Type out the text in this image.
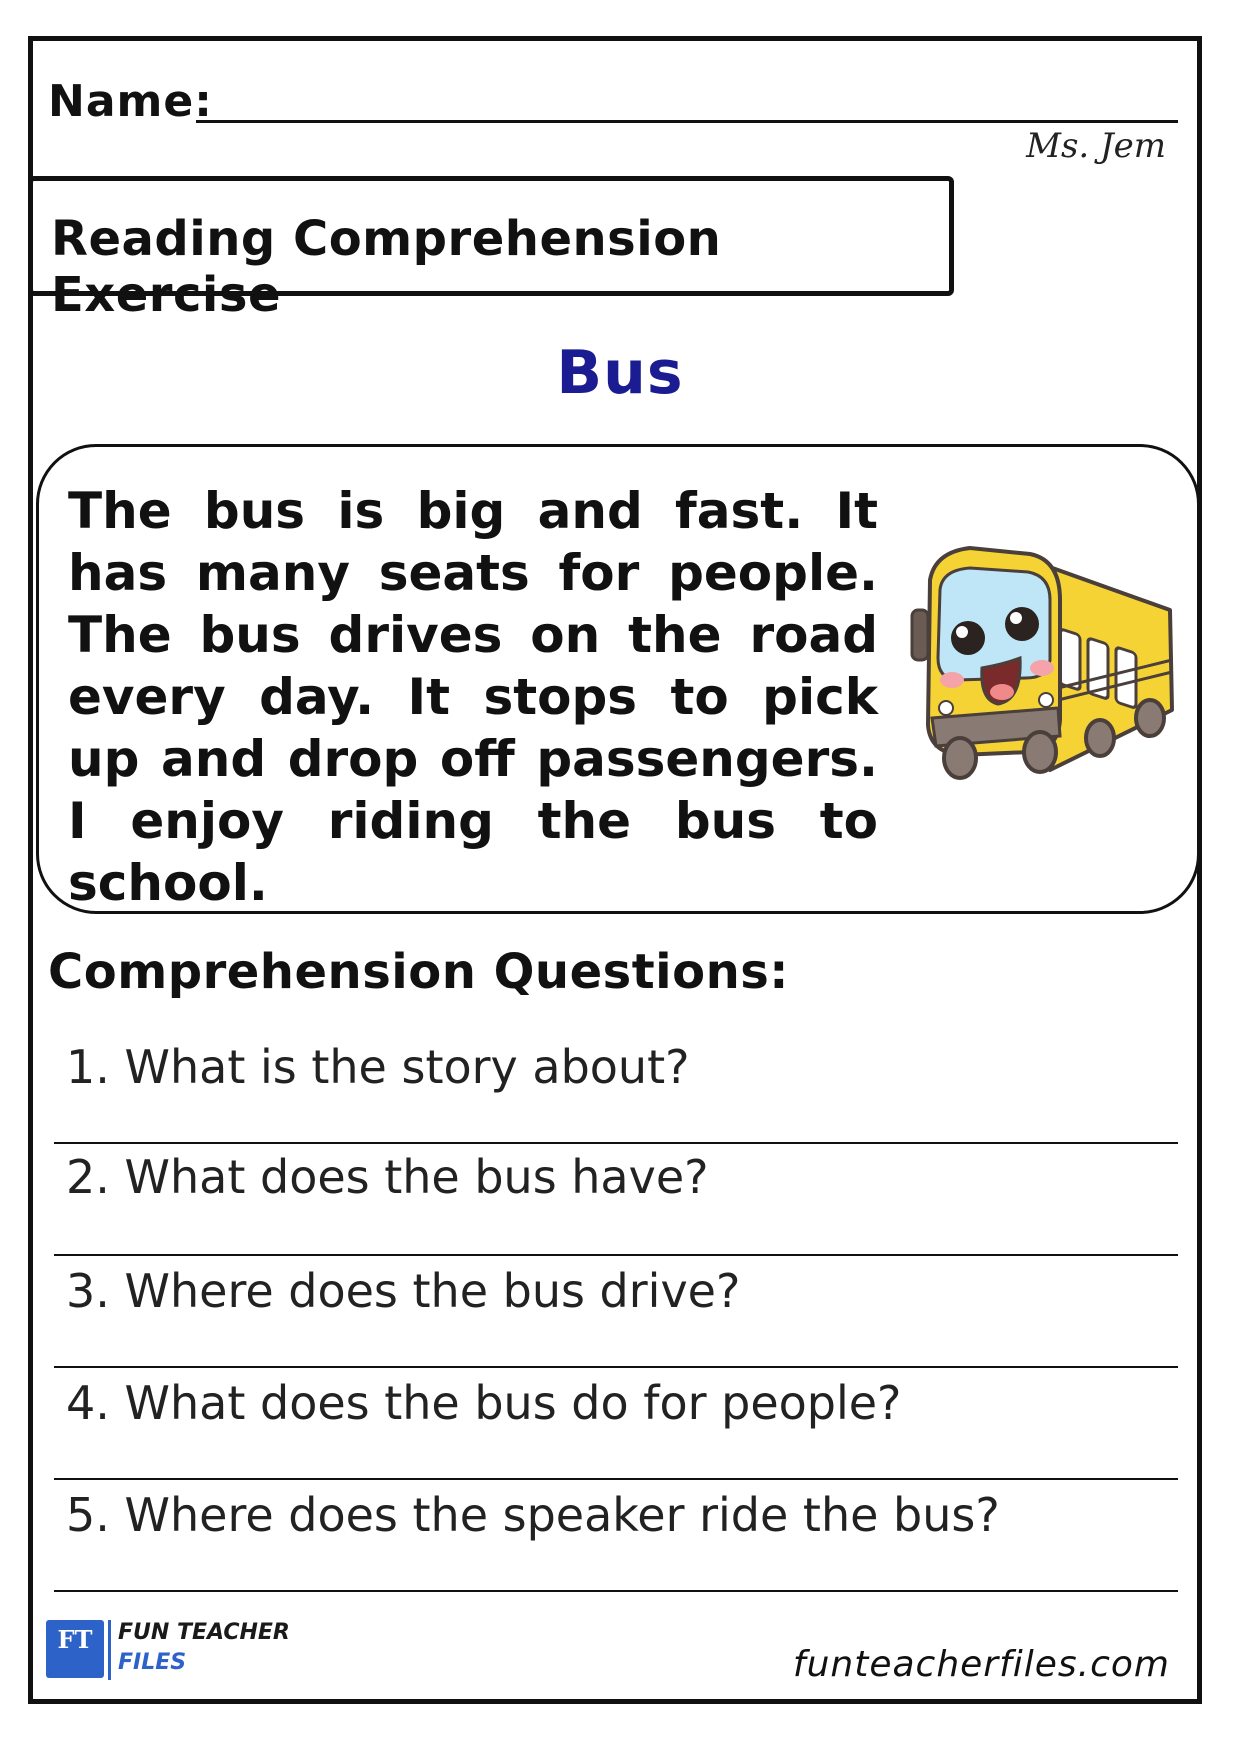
Name:
Ms. Jem
Reading Comprehension Exercise
Bus
The bus is big and fast. It has many seats for people. The bus drives on the road every day. It stops to pick up and drop off passengers. I enjoy riding the bus to school.
Comprehension Questions:
1. What is the story about?
2. What does the bus have?
3. Where does the bus drive?
4. What does the bus do for people?
5. Where does the speaker ride the bus?
FT	FUN TEACHER
FILES	funteacherfiles.com
